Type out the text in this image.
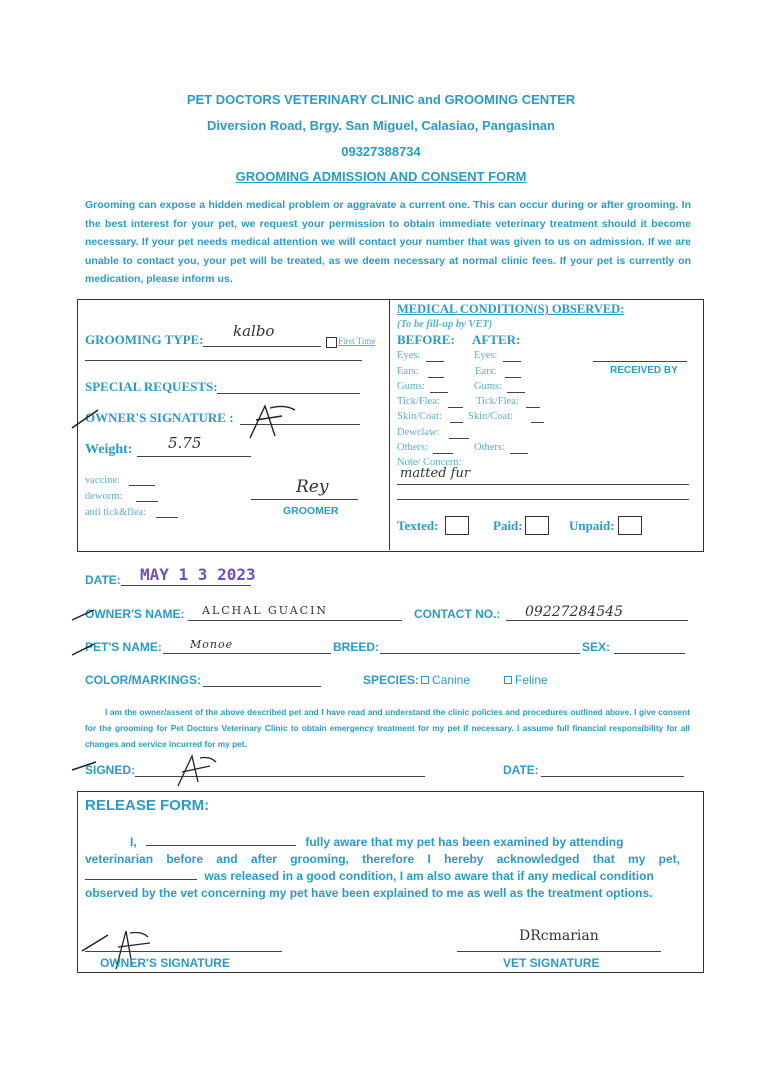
PET DOCTORS VETERINARY CLINIC and GROOMING CENTER
Diversion Road, Brgy. San Miguel, Calasiao, Pangasinan
09327388734
GROOMING ADMISSION AND CONSENT FORM
Grooming can expose a hidden medical problem or aggravate a current one. This can occur during or after grooming. In the best interest for your pet, we request your permission to obtain immediate veterinary treatment should it become necessary. If your pet needs medical attention we will contact your number that was given to us on admission. If we are unable to contact you, your pet will be treated, as we deem necessary at normal clinic fees. If your pet is currently on medication, please inform us.
GROOMING TYPE: kalbo
First Time
SPECIAL REQUESTS:
OWNER'S SIGNATURE :
Weight: 5.75
vaccine:
deworm:
anti tick&flea:
Rey
GROOMER
MEDICAL CONDITION(S) OBSERVED:
(To be fill-up by VET)
BEFORE: AFTER:
Eyes:	Eyes:
Ears:	Ears:
Gums:	Gums:
Tick/Flea:	Tick/Flea:
Skin/Coat: Skin/Coat:
Dewclaw:
Others:	Others:
RECEIVED BY
Note/ Concern:
matted fur
Texted:	Paid:	Unpaid:
DATE: MAY 1 3 2023
OWNER'S NAME: ALCHAL GUACIN	CONTACT NO.: 09227284545
PET'S NAME:	Monoe	BREED:	SEX:
COLOR/MARKINGS:	SPECIES: Canine	Feline
I am the owner/assent of the above described pet and I have read and understand the clinic policies and procedures outlined above. I give consent for the grooming for Pet Doctors Veterinary Clinic to obtain emergency treatment for my pet if necessary. I assume full financial responsibility for all changes and service incurred for my pet.
SIGNED:	DATE:
RELEASE FORM:
I,	fully aware that my pet has been examined by attending
veterinarian before and after grooming, therefore I hereby acknowledged that my pet,
was released in a good condition, I am also aware that if any medical condition
observed by the vet concerning my pet have been explained to me as well as the treatment options.
OWNER'S SIGNATURE
DRcmarian
VET SIGNATURE
